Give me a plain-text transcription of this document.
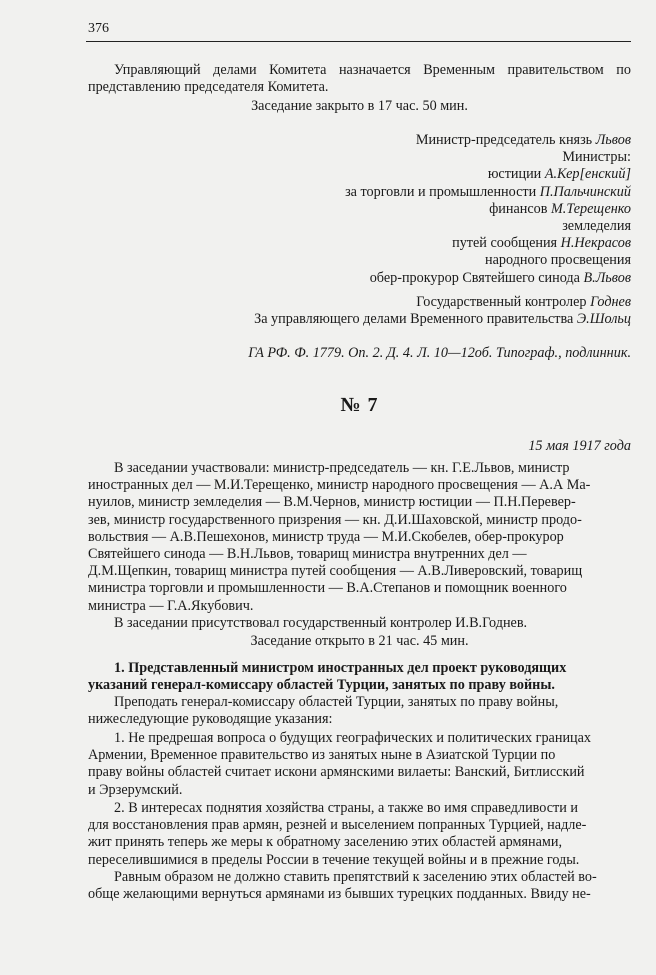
376
Управляющий делами Комитета назначается Временным правительством по представлению председателя Комитета.
Заседание закрыто в 17 час. 50 мин.

Министр-председатель князь Львов

Министры:

юстиции А.Кер[енский]

за торговли и промышленности П.Пальчинский

финансов М.Терещенко

земледелия

путей сообщения Н.Некрасов

народного просвещения

обер-прокурор Святейшего синода В.Львов

Государственный контролер Годнев

За управляющего делами Временного правительства Э.Шольц

ГА РФ. Ф. 1779. Оп. 2. Д. 4. Л. 10—12об. Типограф., подлинник.
№ 7
15 мая 1917 года
В заседании участвовали: министр-председатель — кн. Г.Е.Львов, министр
иностранных дел — М.И.Терещенко, министр народного просвещения — А.А Ма-
нуилов, министр земледелия — В.М.Чернов, министр юстиции — П.Н.Перевер-
зев, министр государственного призрения — кн. Д.И.Шаховской, министр продо-
вольствия — А.В.Пешехонов, министр труда — М.И.Скобелев, обер-прокурор
Святейшего синода — В.Н.Львов, товарищ министра внутренних дел —
Д.М.Щепкин, товарищ министра путей сообщения — А.В.Ливеровский, товарищ
министра торговли и промышленности — В.А.Степанов и помощник военного
министра — Г.А.Якубович.
В заседании присутствовал государственный контролер И.В.Годнев.
Заседание открыто в 21 час. 45 мин.
1. Представленный министром иностранных дел проект руководящих
указаний генерал-комиссару областей Турции, занятых по праву войны.
Преподать генерал-комиссару областей Турции, занятых по праву войны,
нижеследующие руководящие указания:
1. Не предрешая вопроса о будущих географических и политических границах
Армении, Временное правительство из занятых ныне в Азиатской Турции по
праву войны областей считает искони армянскими вилаеты: Ванский, Битлисский
и Эрзерумский.
2. В интересах поднятия хозяйства страны, а также во имя справедливости и
для восстановления прав армян, резней и выселением попранных Турцией, надле-
жит принять теперь же меры к обратному заселению этих областей армянами,
переселившимися в пределы России в течение текущей войны и в прежние годы.
Равным образом не должно ставить препятствий к заселению этих областей во-
обще желающими вернуться армянами из бывших турецких подданных. Ввиду не-
